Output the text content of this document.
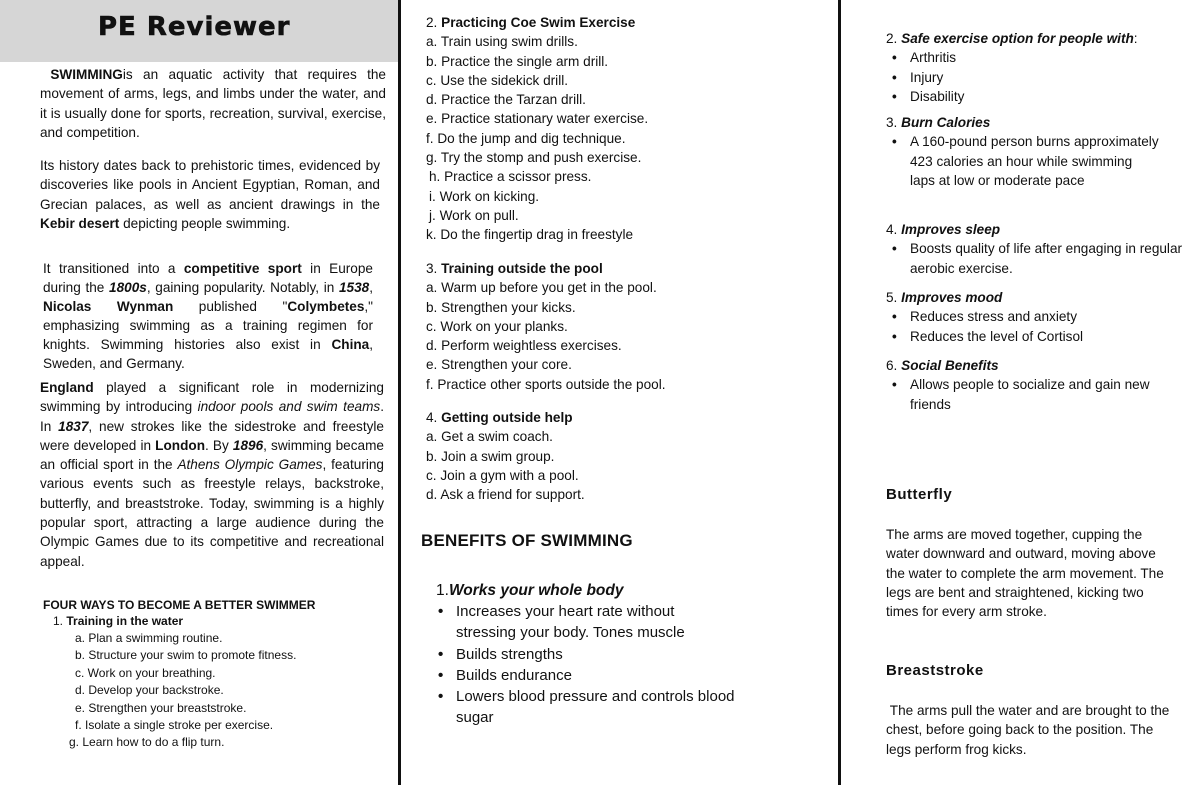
PE Reviewer

SWIMMINGis an aquatic activity that requires the movement of arms, legs, and limbs under the water, and it is usually done for sports, recreation, survival, exercise, and competition.

Its history dates back to prehistoric times, evidenced by discoveries like pools in Ancient Egyptian, Roman, and Grecian palaces, as well as ancient drawings in the Kebir desert depicting people swimming.

It transitioned into a competitive sport in Europe during the 1800s, gaining popularity. Notably, in 1538, Nicolas Wynman published "Colymbetes," emphasizing swimming as a training regimen for knights. Swimming histories also exist in China, Sweden, and Germany.

England played a significant role in modernizing swimming by introducing indoor pools and swim teams. In 1837, new strokes like the sidestroke and freestyle were developed in London. By 1896, swimming became an official sport in the Athens Olympic Games, featuring various events such as freestyle relays, backstroke, butterfly, and breaststroke. Today, swimming is a highly popular sport, attracting a large audience during the Olympic Games due to its competitive and recreational appeal.

FOUR WAYS TO BECOME A BETTER SWIMMER
1. Training in the water
a. Plan a swimming routine.
b. Structure your swim to promote fitness.
c. Work on your breathing.
d. Develop your backstroke.
e. Strengthen your breaststroke.
f. Isolate a single stroke per exercise.
g. Learn how to do a flip turn.
2. Practicing Coe Swim Exercise
a. Train using swim drills.
b. Practice the single arm drill.
c. Use the sidekick drill.
d. Practice the Tarzan drill.
e. Practice stationary water exercise.
f. Do the jump and dig technique.
g. Try the stomp and push exercise.
h. Practice a scissor press.
i. Work on kicking.
j. Work on pull.
k. Do the fingertip drag in freestyle
3. Training outside the pool
a. Warm up before you get in the pool.
b. Strengthen your kicks.
c. Work on your planks.
d. Perform weightless exercises.
e. Strengthen your core.
f. Practice other sports outside the pool.
4. Getting outside help
a. Get a swim coach.
b. Join a swim group.
c. Join a gym with a pool.
d. Ask a friend for support.
BENEFITS OF SWIMMING
1.Works your whole body
• Increases your heart rate without stressing your body. Tones muscle
• Builds strengths
• Builds endurance
• Lowers blood pressure and controls blood sugar
2. Safe exercise option for people with:
• Arthritis
• Injury
• Disability
3. Burn Calories
• A 160-pound person burns approximately 423 calories an hour while swimming laps at low or moderate pace
4. Improves sleep
• Boosts quality of life after engaging in regular aerobic exercise.
5. Improves mood
• Reduces stress and anxiety
• Reduces the level of Cortisol
6. Social Benefits
• Allows people to socialize and gain new friends
Butterfly

The arms are moved together, cupping the water downward and outward, moving above the water to complete the arm movement. The legs are bent and straightened, kicking two times for every arm stroke.

Breaststroke

The arms pull the water and are brought to the chest, before going back to the position. The legs perform frog kicks.
